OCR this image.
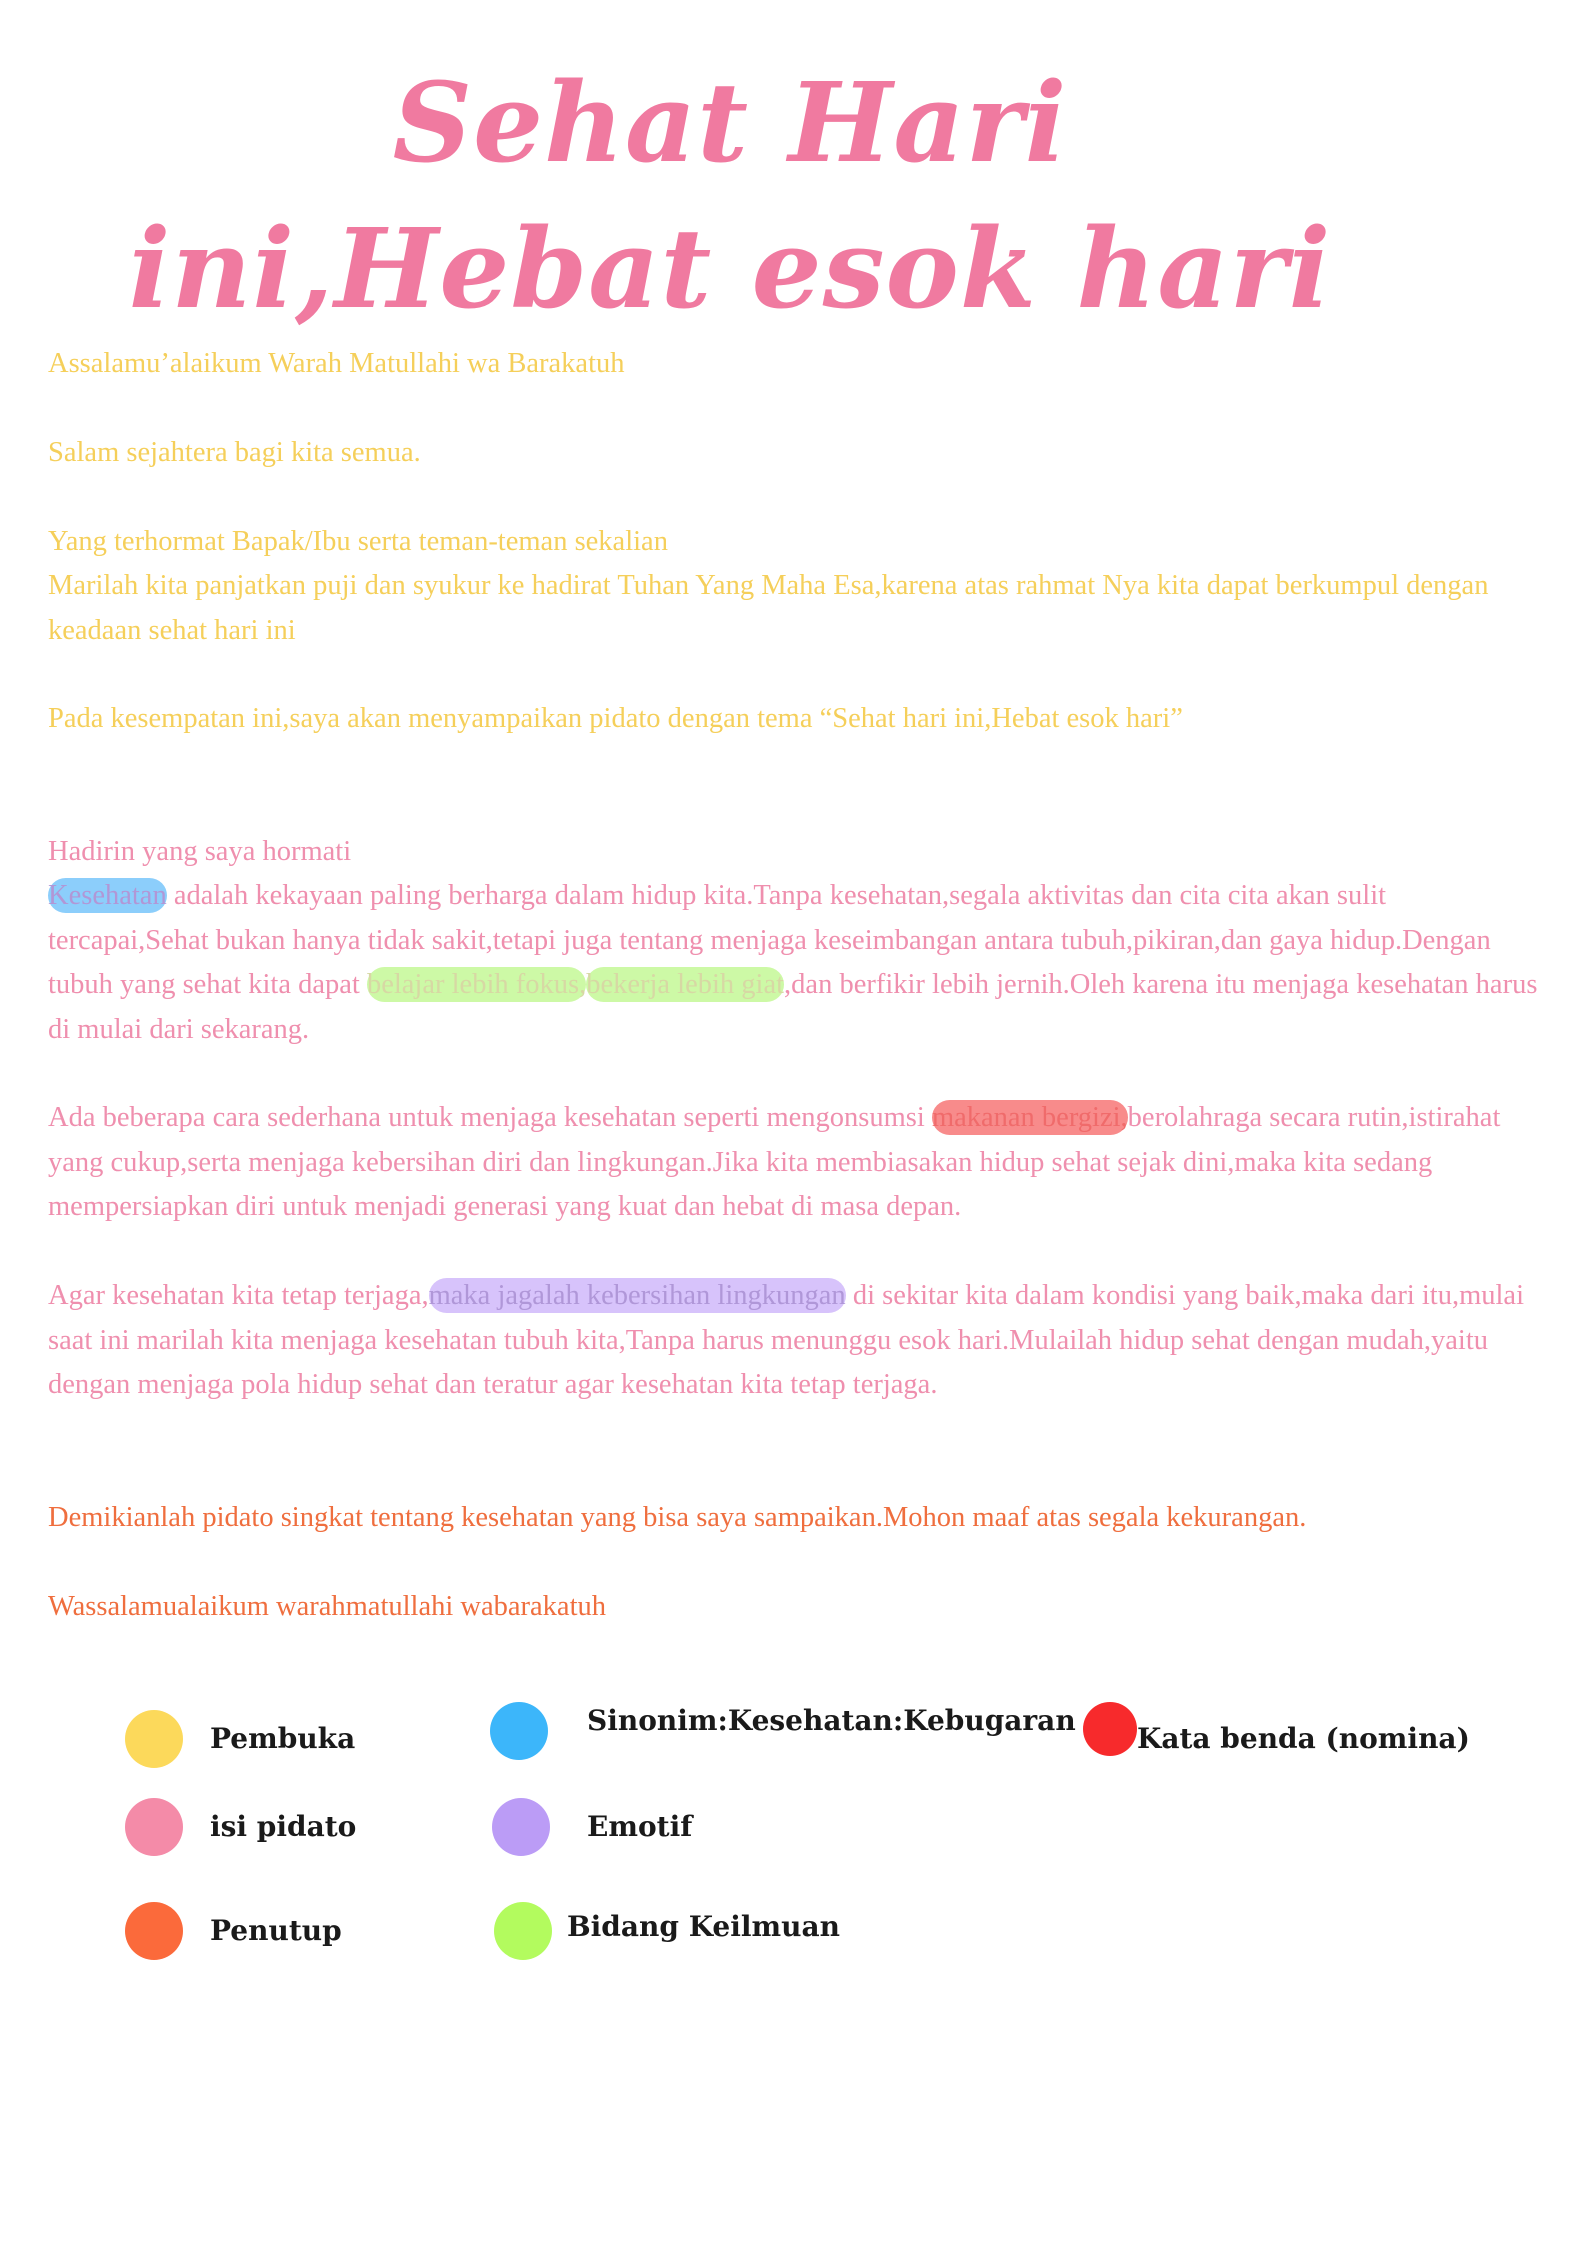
Sehat Hari
ini,Hebat esok hari

Assalamu’alaikum Warah Matullahi wa Barakatuh

Salam sejahtera bagi kita semua.

Yang terhormat Bapak/Ibu serta teman-teman sekalian

Marilah kita panjatkan puji dan syukur ke hadirat Tuhan Yang Maha Esa,karena atas rahmat Nya kita dapat berkumpul dengan keadaan sehat hari ini

Pada kesempatan ini,saya akan menyampaikan pidato dengan tema “Sehat hari ini,Hebat esok hari”

Hadirin yang saya hormati

Kesehatan adalah kekayaan paling berharga dalam hidup kita.Tanpa kesehatan,segala aktivitas dan cita cita akan sulit tercapai,Sehat bukan hanya tidak sakit,tetapi juga tentang menjaga keseimbangan antara tubuh,pikiran,dan gaya hidup.Dengan tubuh yang sehat kita dapat belajar lebih fokus,bekerja lebih giat,dan berfikir lebih jernih.Oleh karena itu menjaga kesehatan harus di mulai dari sekarang.

Ada beberapa cara sederhana untuk menjaga kesehatan seperti mengonsumsi makanan bergizi,berolahraga secara rutin,istirahat yang cukup,serta menjaga kebersihan diri dan lingkungan.Jika kita membiasakan hidup sehat sejak dini,maka kita sedang mempersiapkan diri untuk menjadi generasi yang kuat dan hebat di masa depan.

Agar kesehatan kita tetap terjaga,maka jagalah kebersihan lingkungan di sekitar kita dalam kondisi yang baik,maka dari itu,mulai saat ini marilah kita menjaga kesehatan tubuh kita,Tanpa harus menunggu esok hari.Mulailah hidup sehat dengan mudah,yaitu dengan menjaga pola hidup sehat dan teratur agar kesehatan kita tetap terjaga.

Demikianlah pidato singkat tentang kesehatan yang bisa saya sampaikan.Mohon maaf atas segala kekurangan.

Wassalamualaikum warahmatullahi wabarakatuh

Pembuka
isi pidato
Penutup
Sinonim:Kesehatan:Kebugaran
Emotif
Bidang Keilmuan
Kata benda (nomina)
